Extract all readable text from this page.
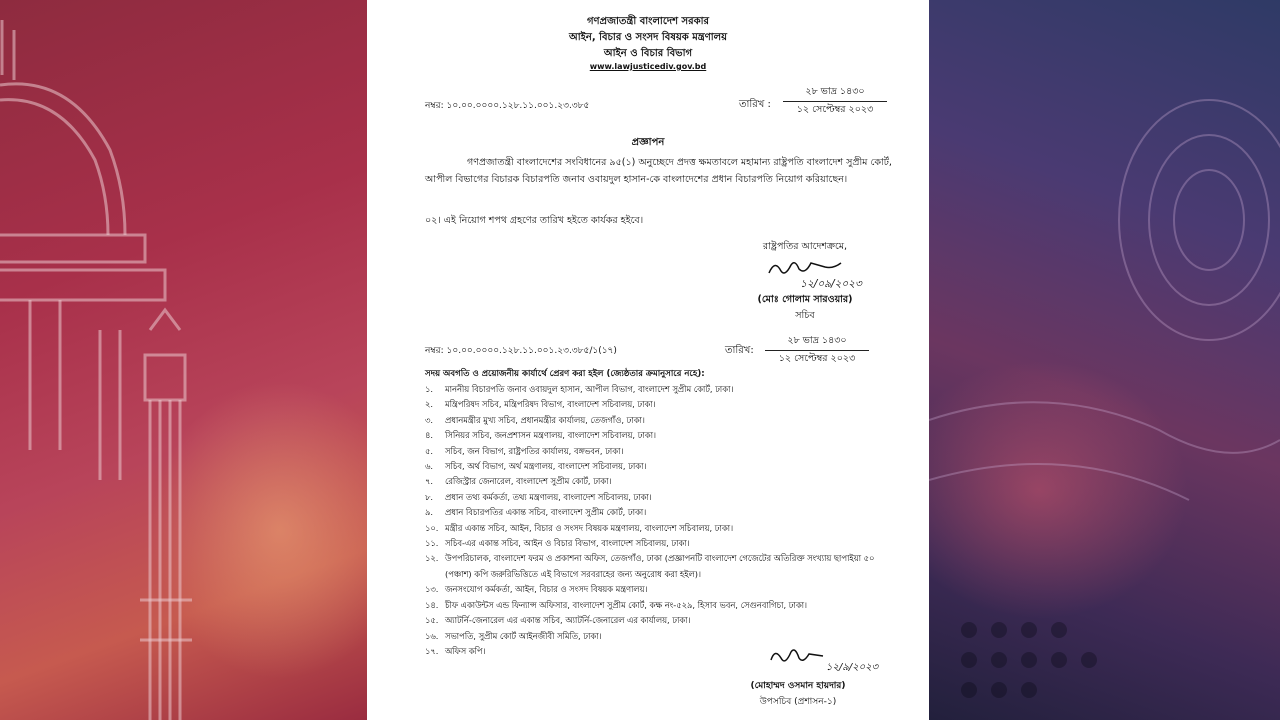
গণপ্রজাতন্ত্রী বাংলাদেশ সরকার
আইন, বিচার ও সংসদ বিষয়ক মন্ত্রণালয়
আইন ও বিচার বিভাগ
www.lawjusticediv.gov.bd
নম্বর: ১০.০০.০০০০.১২৮.১১.০০১.২৩.৩৮৫	তারিখ :
২৮ ভাদ্র ১৪৩০
১২ সেপ্টেম্বর ২০২৩
প্রজ্ঞাপন
গণপ্রজাতন্ত্রী বাংলাদেশের সংবিধানের ৯৫(১) অনুচ্ছেদে প্রদত্ত ক্ষমতাবলে মহামান্য রাষ্ট্রপতি বাংলাদেশ সুপ্রীম কোর্ট, আপীল বিভাগের বিচারক বিচারপতি জনাব ওবায়দুল হাসান-কে বাংলাদেশের প্রধান বিচারপতি নিয়োগ করিয়াছেন।
০২। এই নিয়োগ শপথ গ্রহণের তারিখ হইতে কার্যকর হইবে।
রাষ্ট্রপতির আদেশক্রমে,
১২/০৯/২০২৩
(মোঃ গোলাম সারওয়ার)
সচিব
নম্বর: ১০.০০.০০০০.১২৮.১১.০০১.২৩.৩৮৫/১(১৭)	তারিখ:
২৮ ভাদ্র ১৪৩০
১২ সেপ্টেম্বর ২০২৩
সদয় অবগতি ও প্রয়োজনীয় কার্যার্থে প্রেরণ করা হইল (জ্যেষ্ঠতার ক্রমানুসারে নহে):
১.	মাননীয় বিচারপতি জনাব ওবায়দুল হাসান, আপীল বিভাগ, বাংলাদেশ সুপ্রীম কোর্ট, ঢাকা।
২.	মন্ত্রিপরিষদ সচিব, মন্ত্রিপরিষদ বিভাগ, বাংলাদেশ সচিবালয়, ঢাকা।
৩.	প্রধানমন্ত্রীর মুখ্য সচিব, প্রধানমন্ত্রীর কার্যালয়, তেজগাঁও, ঢাকা।
৪.	সিনিয়র সচিব, জনপ্রশাসন মন্ত্রণালয়, বাংলাদেশ সচিবালয়, ঢাকা।
৫.	সচিব, জন বিভাগ, রাষ্ট্রপতির কার্যালয়, বঙ্গভবন, ঢাকা।
৬.	সচিব, অর্থ বিভাগ, অর্থ মন্ত্রণালয়, বাংলাদেশ সচিবালয়, ঢাকা।
৭.	রেজিস্ট্রার জেনারেল, বাংলাদেশ সুপ্রীম কোর্ট, ঢাকা।
৮.	প্রধান তথ্য কর্মকর্তা, তথ্য মন্ত্রণালয়, বাংলাদেশ সচিবালয়, ঢাকা।
৯.	প্রধান বিচারপতির একান্ত সচিব, বাংলাদেশ সুপ্রীম কোর্ট, ঢাকা।
১০. মন্ত্রীর একান্ত সচিব, আইন, বিচার ও সংসদ বিষয়ক মন্ত্রণালয়, বাংলাদেশ সচিবালয়, ঢাকা।
১১. সচিব-এর একান্ত সচিব, আইন ও বিচার বিভাগ, বাংলাদেশ সচিবালয়, ঢাকা।
১২. উপপরিচালক, বাংলাদেশ ফরম ও প্রকাশনা অফিস, তেজগাঁও, ঢাকা (প্রজ্ঞাপনটি বাংলাদেশ গেজেটের অতিরিক্ত সংখ্যায় ছাপাইয়া ৫০ (পঞ্চাশ) কপি জরুরিভিত্তিতে এই বিভাগে সরবরাহের জন্য অনুরোধ করা হইল)।
১৩. জনসংযোগ কর্মকর্তা, আইন, বিচার ও সংসদ বিষয়ক মন্ত্রণালয়।
১৪. চীফ একাউন্টস এন্ড ফিন্যান্স অফিসার, বাংলাদেশ সুপ্রীম কোর্ট, কক্ষ নং-৫২৯, হিসাব ভবন, সেগুনবাগিচা, ঢাকা।
১৫. অ্যাটর্নি-জেনারেল এর একান্ত সচিব, অ্যাটর্নি-জেনারেল এর কার্যালয়, ঢাকা।
১৬. সভাপতি, সুপ্রীম কোর্ট আইনজীবী সমিতি, ঢাকা।
১৭. অফিস কপি।
১২/৯/২০২৩
(মোহাম্মদ ওসমান হায়দার)
উপসচিব (প্রশাসন-১)
